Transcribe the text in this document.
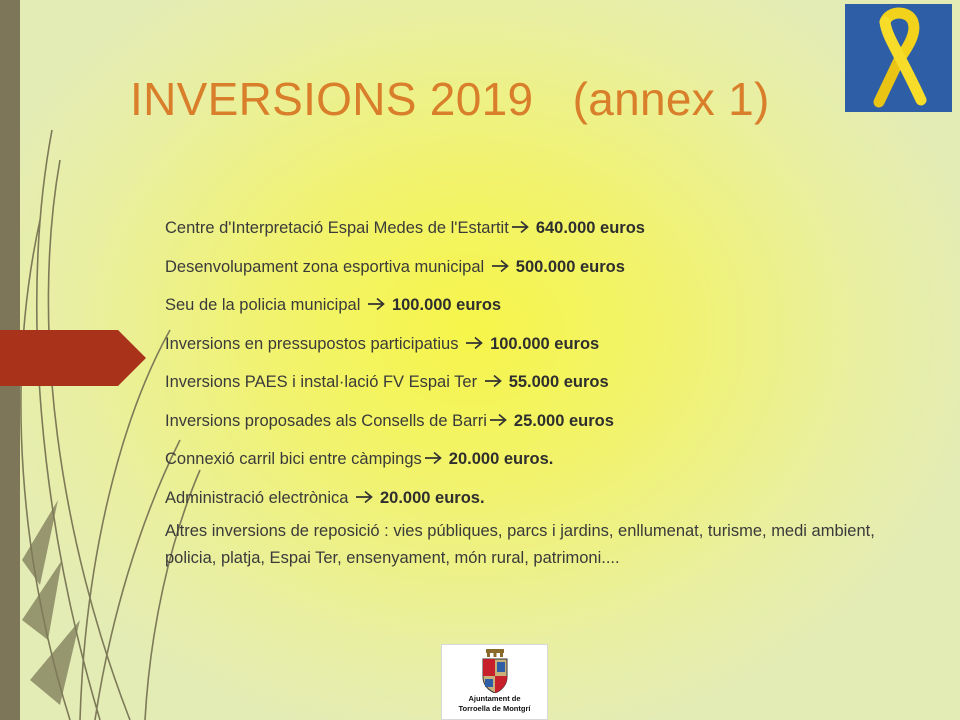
INVERSIONS 2019   (annex 1)
Centre d'Interpretació Espai Medes de l'Estartit 640.000 euros
Desenvolupament zona esportiva municipal 500.000 euros
Seu de la policia municipal 100.000 euros
Inversions en pressupostos participatius 100.000 euros
Inversions PAES i instal·lació FV Espai Ter 55.000 euros
Inversions proposades als Consells de Barri 25.000 euros
Connexió carril bici entre càmpings 20.000 euros.
Administració electrònica 20.000 euros.
Altres inversions de reposició : vies públiques, parcs i jardins, enllumenat, turisme, medi ambient, policia, platja, Espai Ter, ensenyament, món rural, patrimoni....
Ajuntament de
Torroella de Montgrí
